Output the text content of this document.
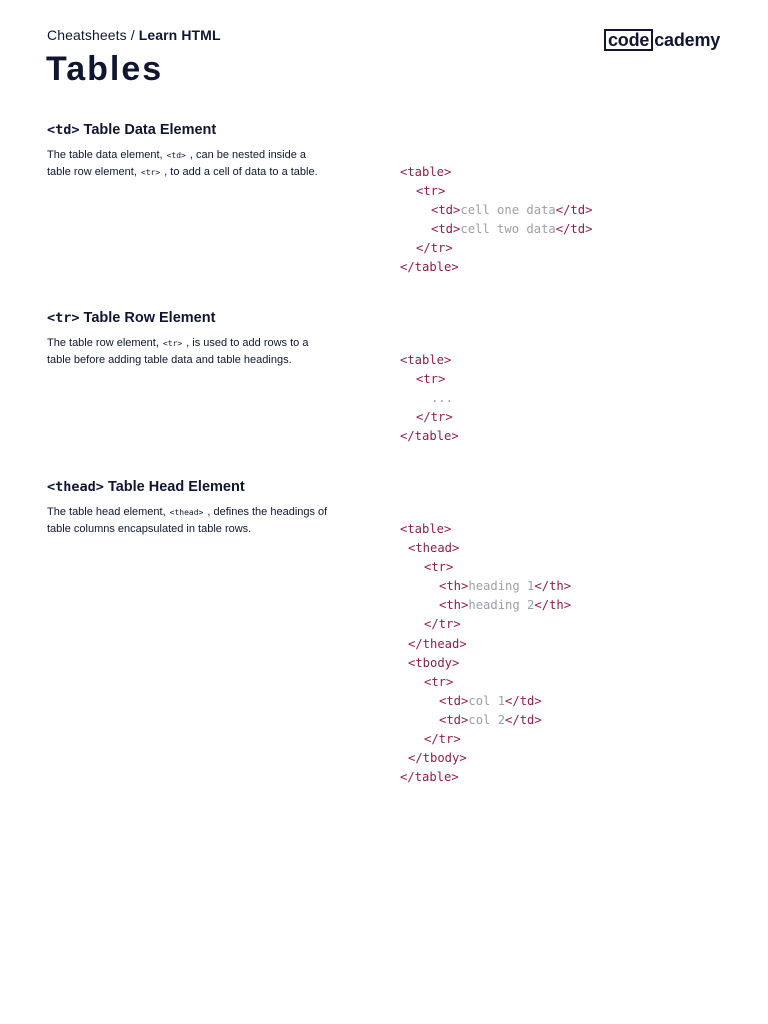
Cheatsheets / Learn HTML	code cademy
Tables
<td> Table Data Element

The table data element, <td> , can be nested inside a table row element, <tr> , to add a cell of data to a table.	<table>
<tr>
<td>cell one data</td>
<td>cell two data</td>
</tr>
</table>
<tr> Table Row Element

The table row element, <tr> , is used to add rows to a table before adding table data and table headings.	<table>
<tr>
...
</tr>
</table>
<thead> Table Head Element

The table head element, <thead> , defines the headings of table columns encapsulated in table rows.	<table>
<thead>
<tr>
<th>heading 1</th>
<th>heading 2</th>
</tr>
</thead>
<tbody>
<tr>
<td>col 1</td>
<td>col 2</td>
</tr>
</tbody>
</table>
